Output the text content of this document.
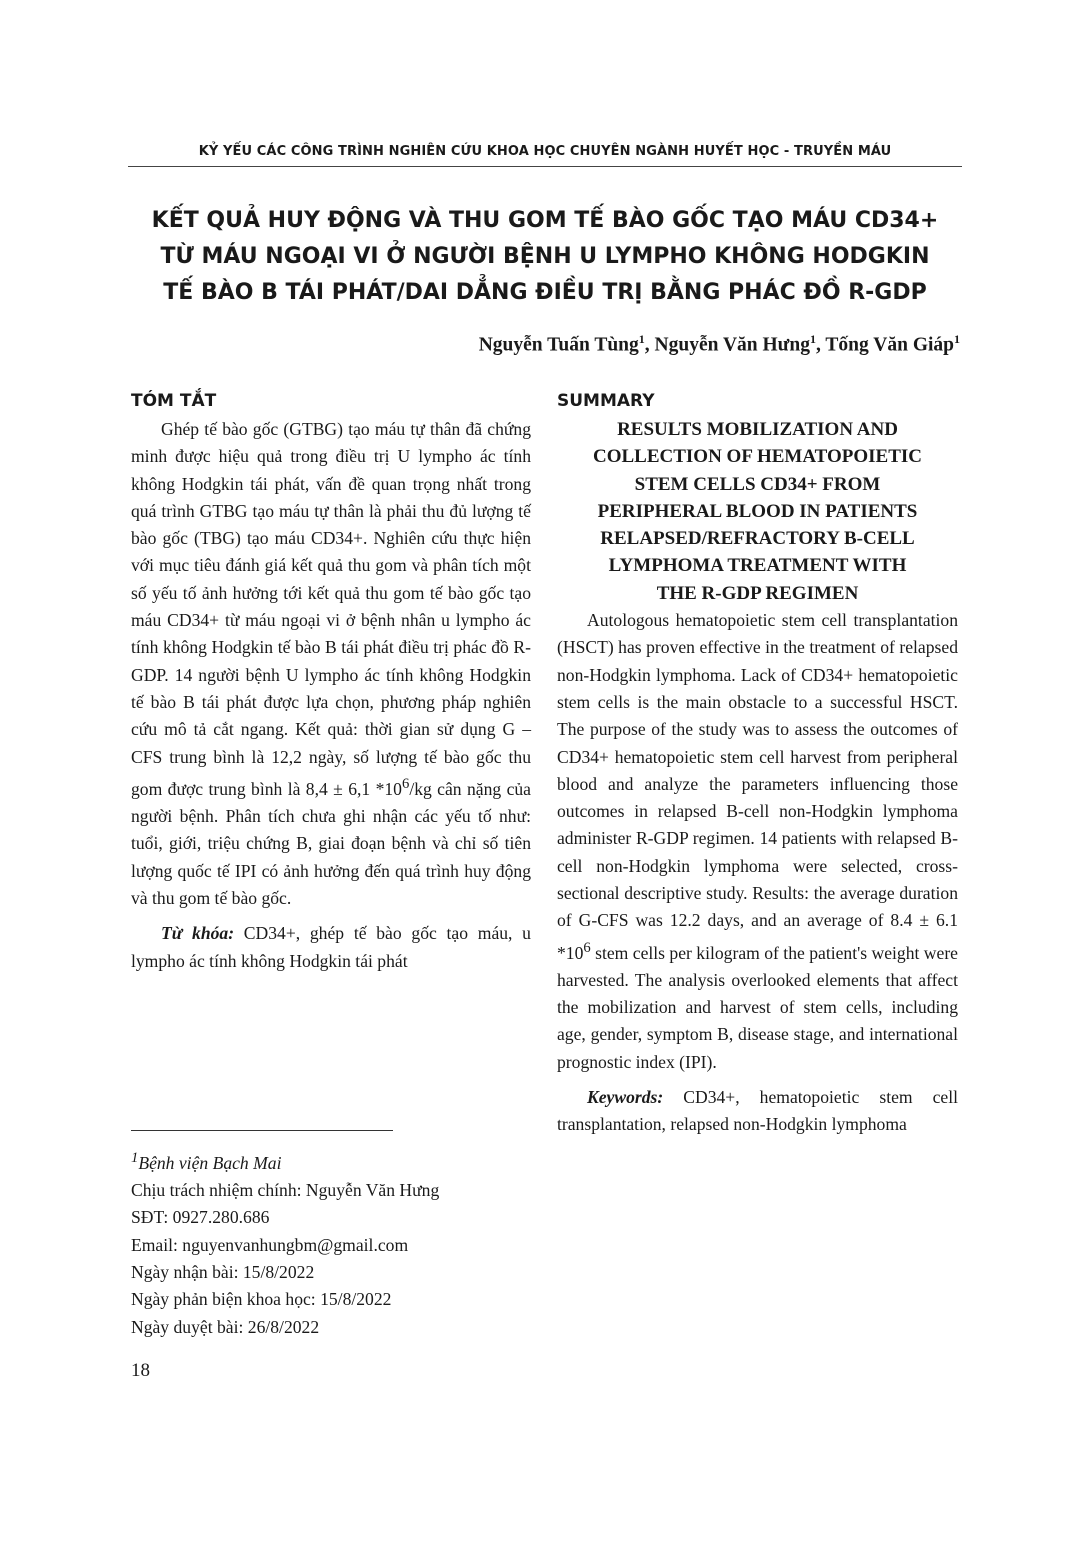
KỶ YẾU CÁC CÔNG TRÌNH NGHIÊN CỨU KHOA HỌC CHUYÊN NGÀNH HUYẾT HỌC - TRUYỀN MÁU
KẾT QUẢ HUY ĐỘNG VÀ THU GOM TẾ BÀO GỐC TẠO MÁU CD34+
TỪ MÁU NGOẠI VI Ở NGƯỜI BỆNH U LYMPHO KHÔNG HODGKIN
TẾ BÀO B TÁI PHÁT/DAI DẲNG ĐIỀU TRỊ BẰNG PHÁC ĐỒ R-GDP
Nguyễn Tuấn Tùng$^1$, Nguyễn Văn Hưng$^1$, Tống Văn Giáp$^1$
TÓM TẮT

Ghép tế bào gốc (GTBG) tạo máu tự thân đã chứng minh được hiệu quả trong điều trị U lympho ác tính không Hodgkin tái phát, vấn đề quan trọng nhất trong quá trình GTBG tạo máu tự thân là phải thu đủ lượng tế bào gốc (TBG) tạo máu CD34+. Nghiên cứu thực hiện với mục tiêu đánh giá kết quả thu gom và phân tích một số yếu tố ảnh hưởng tới kết quả thu gom tế bào gốc tạo máu CD34+ từ máu ngoại vi ở bệnh nhân u lympho ác tính không Hodgkin tế bào B tái phát điều trị phác đồ R-GDP. 14 người bệnh U lympho ác tính không Hodgkin tế bào B tái phát được lựa chọn, phương pháp nghiên cứu mô tả cắt ngang. Kết quả: thời gian sử dụng G – CFS trung bình là 12,2 ngày, số lượng tế bào gốc thu gom được trung bình là 8,4 ± 6,1 $*10^6/kg$ cân nặng của người bệnh. Phân tích chưa ghi nhận các yếu tố như: tuổi, giới, triệu chứng B, giai đoạn bệnh và chỉ số tiên lượng quốc tế IPI có ảnh hưởng đến quá trình huy động và thu gom tế bào gốc.

Từ khóa: CD34+, ghép tế bào gốc tạo máu, u lympho ác tính không Hodgkin tái phát

SUMMARY

RESULTS MOBILIZATION AND
COLLECTION OF HEMATOPOIETIC
STEM CELLS CD34+ FROM
PERIPHERAL BLOOD IN PATIENTS
RELAPSED/REFRACTORY B-CELL
LYMPHOMA TREATMENT WITH
THE R-GDP REGIMEN

Autologous hematopoietic stem cell transplantation (HSCT) has proven effective in the treatment of relapsed non-Hodgkin lymphoma. Lack of CD34+ hematopoietic stem cells is the main obstacle to a successful HSCT. The purpose of the study was to assess the outcomes of CD34+ hematopoietic stem cell harvest from peripheral blood and analyze the parameters influencing those outcomes in relapsed B-cell non-Hodgkin lymphoma administer R-GDP regimen. 14 patients with relapsed B-cell non-Hodgkin lymphoma were selected, cross-sectional descriptive study. Results: the average duration of G-CFS was 12.2 days, and an average of 8.4 ± 6.1 $*10^6$ stem cells per kilogram of the patient's weight were harvested. The analysis overlooked elements that affect the mobilization and harvest of stem cells, including age, gender, symptom B, disease stage, and international prognostic index (IPI).

Keywords: CD34+, hematopoietic stem cell transplantation, relapsed non-Hodgkin lymphoma

$^1$Bệnh viện Bạch Mai
Chịu trách nhiệm chính: Nguyễn Văn Hưng
SĐT: 0927.280.686
Email: nguyenvanhungbm@gmail.com
Ngày nhận bài: 15/8/2022
Ngày phản biện khoa học: 15/8/2022
Ngày duyệt bài: 26/8/2022
18
